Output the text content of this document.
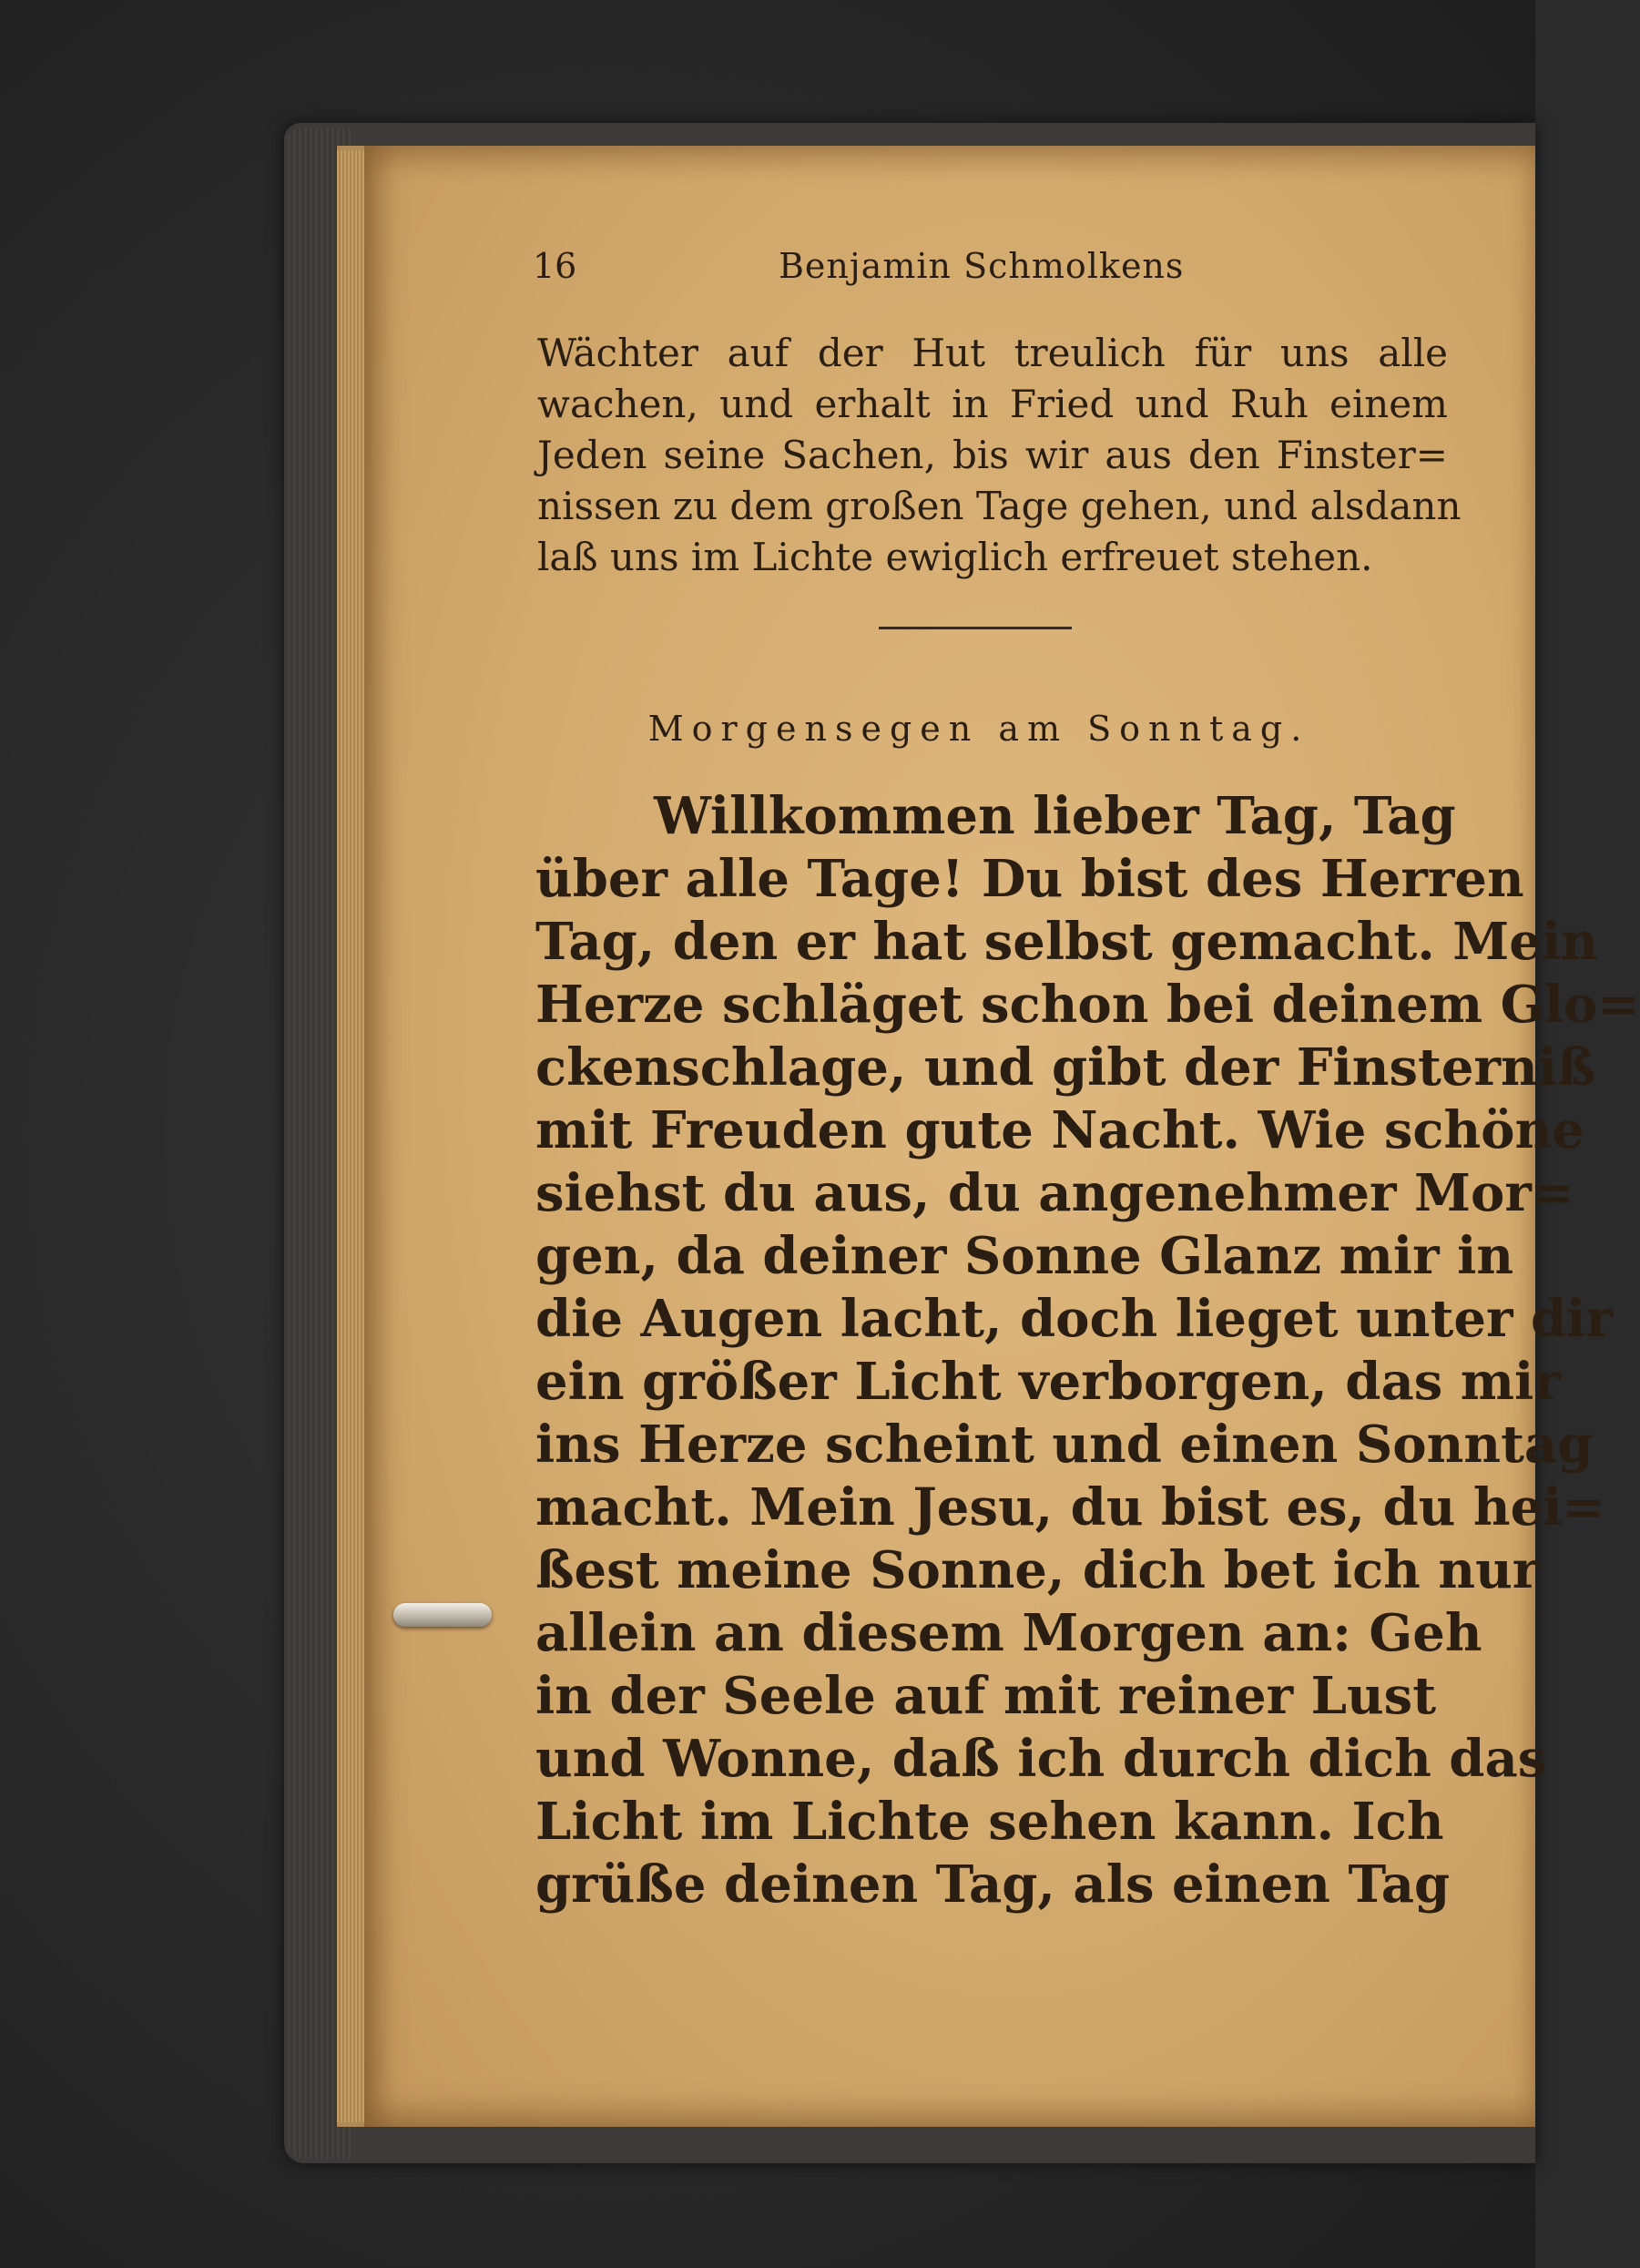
16	Benjamin Schmolkens
Wächter auf der Hut treulich für uns alle
wachen, und erhalt in Fried und Ruh einem
Jeden seine Sachen, bis wir aus den Finster=
nissen zu dem großen Tage gehen, und alsdann
laß uns im Lichte ewiglich erfreuet stehen.
Morgensegen am Sonntag.
Willkommen lieber Tag, Tag
über alle Tage! Du bist des Herren
Tag, den er hat selbst gemacht. Mein
Herze schläget schon bei deinem Glo=
ckenschlage, und gibt der Finsterniß
mit Freuden gute Nacht. Wie schöne
siehst du aus, du angenehmer Mor=
gen, da deiner Sonne Glanz mir in
die Augen lacht, doch lieget unter dir
ein größer Licht verborgen, das mir
ins Herze scheint und einen Sonntag
macht. Mein Jesu, du bist es, du hei=
ßest meine Sonne, dich bet ich nur
allein an diesem Morgen an: Geh
in der Seele auf mit reiner Lust
und Wonne, daß ich durch dich das
Licht im Lichte sehen kann. Ich
grüße deinen Tag, als einen Tag
